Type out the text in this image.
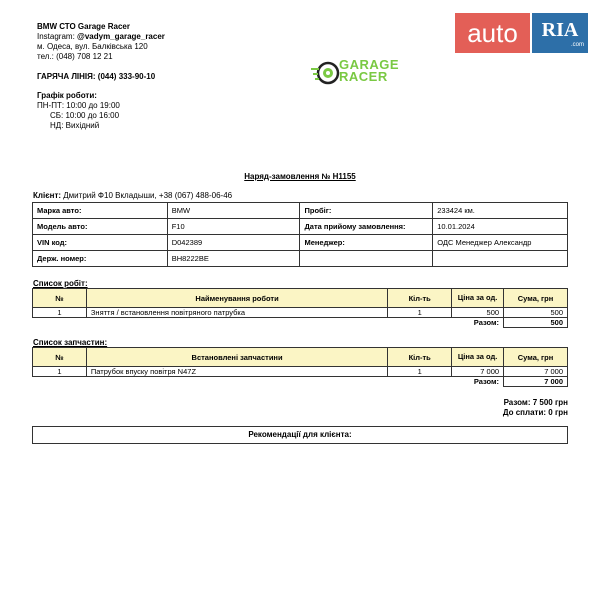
BMW СТО Garage Racer
Instagram: @vadym_garage_racer
м. Одеса, вул. Балківська 120
тел.: (048) 708 12 21
ГАРЯЧА ЛІНІЯ: (044) 333-90-10
Графік роботи:
ПН-ПТ: 10:00 до 19:00
СБ: 10:00 до 16:00
НД: Вихідний
GARAGE
RACER
auto	RIA
.com
Наряд-замовлення № Н1155
Клієнт: Дмитрий Ф10 Вкладыши, +38 (067) 488-06-46
Марка авто:	BMW	Пробіг:	233424 км.
Модель авто:	F10	Дата прийому замовлення:	10.01.2024
VIN код:	D042389	Менеджер:	ОДС Менеджер Александр
Держ. номер:	BH8222BE		
Список робіт:
№	Найменування роботи	Кіл-ть	Ціна за од.	Сума, грн
1	Зняття / встановлення повітряного патрубка	1	500	500
			Разом:	500
Список запчастин:
№	Встановлені запчастини	Кіл-ть	Ціна за од.	Сума, грн
1	Патрубок впуску повітря N47Z	1	7 000	7 000
			Разом:	7 000
Разом: 7 500 грн
До сплати: 0 грн
Рекомендації для клієнта:
